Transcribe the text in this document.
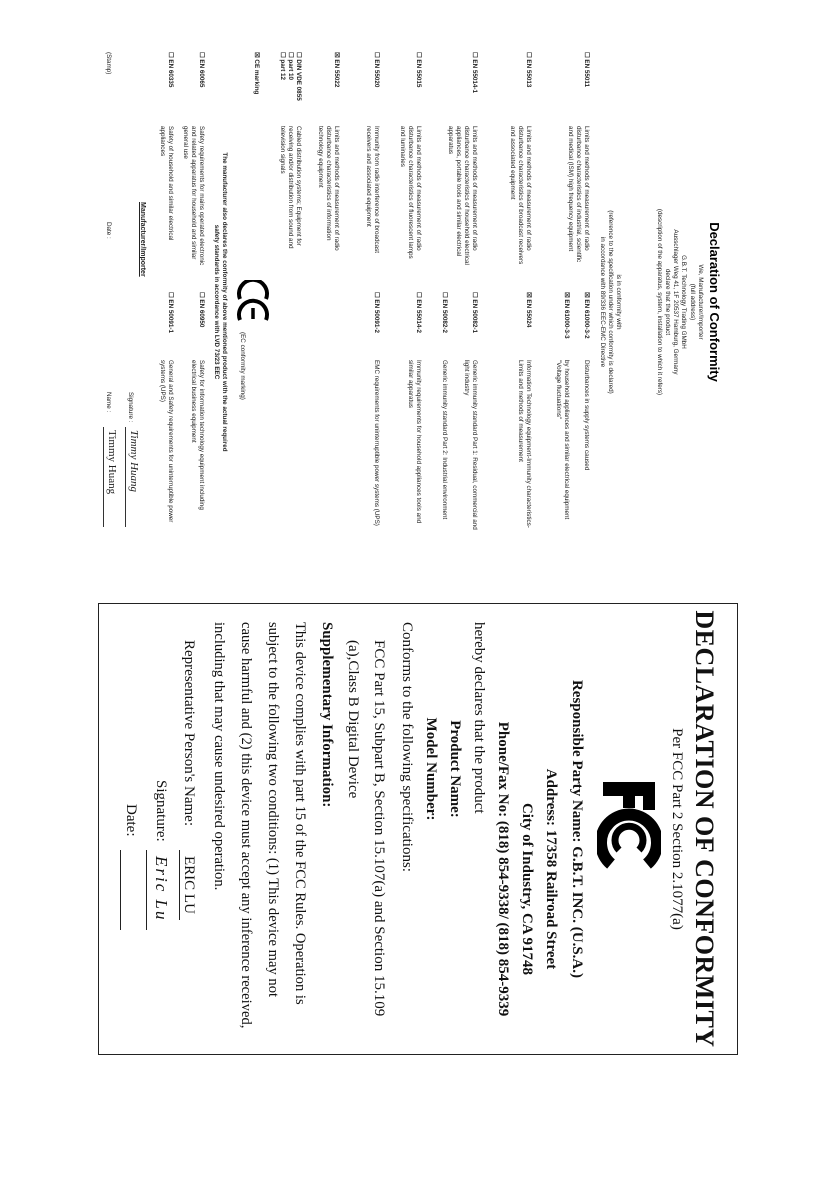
Declaration of Conformity
We, Manufacturer/Importer
(full address)
G.B.T. Technology Trading GMbH
Ausschlager Weg 41, 1F 20537 Hamburg, Germany
declare that the product
(description of the apparatus, system, installation to which it refers)
is in conformity with
(reference to the specification under which conformity is declared)
in accordance with 89/336 EEC-EMC Directive
☐ EN 55011
Limits and methods of measurement of radio disturbance characteristics of industrial, scientific and medical (ISM) high frequency equipment
☒ EN 61000-3-2
Disturbances in supply systems caused
☒ EN 61000-3-3
by household appliances and similar electrical equipment "Voltage fluctuations"
☐ EN 55013
Limits and methods of measurement of radio disturbance characteristics of broadcast receivers and associated equipment
☒ EN 55024
Information Technology equipment-Immunity characteristics-Limits and methods of measurement
☐ EN 55014-1
Limits and methods of measurement of radio disturbance characteristics of household electrical appliances, portable tools and similar electrical apparatus
☐ EN 50082-1
Generic immunity standard Part 1: Residual, commercial and light industry
☐ EN 50082-2
Generic immunity standard Part 2: Industrial environment
☐ EN 55015
Limits and methods of measurement of radio disturbance characteristics of fluorescent lamps and luminaries
☐ EN 55014-2
Immunity requirements for household appliances tools and similar apparatus
☐ EN 55020
Immunity from radio interference of broadcast receivers and associated equipment
☐ EN 50091-2
EMC requirements for uninterruptible power systems (UPS)
☒ EN 55022
Limits and methods of measurement of radio disturbance characteristics of information technology equipment
☐ DIN VDE 0855
☐ part 10
☐ part 12
Cabled distribution systems; Equipment for receiving and/or distribution from sound and television signals
☒ CE marking
(EC conformity marking)
The manufacturer also declares the conformity of above mentioned product with the actual required safety standards in accordance with LVD 73/23 EEC
☐ EN 60065
Safety requirements for mains operated electronic and related apparatus for household and similar general use
☐ EN 60950
Safety for information technology equipment including electrical business equipment
☐ EN 60335
Safety of household and similar electrical appliances
☐ EN 50091-1
General and Safety requirements for uninterruptible power systems (UPS)
Manufacturer/Importer
Signature :
Timmy Huang
(Stamp)
Date :
Name :
Timmy Huang
DECLARATION OF CONFORMITY
Per FCC Part 2 Section 2.1077(a)
Responsible Party Name: G.B.T. INC. (U.S.A.)
Address: 17358 Railroad Street
City of Industry, CA 91748
Phone/Fax No: (818) 854-9338/ (818) 854-9339
hereby declares that the product
Product Name:
Model Number:
Conforms to the following specifications:
FCC Part 15, Subpart B, Section 15.107(a) and Section 15.109
(a),Class B Digital Device
Supplementary Information:
This device complies with part 15 of the FCC Rules. Operation is
subject to the following two conditions: (1) This device may not
cause harmful and (2) this device must accept any inference received,
including that may cause undesired operation.
Representative Person's Name:
ERIC LU
Signature:
Eric Lu
Date:
